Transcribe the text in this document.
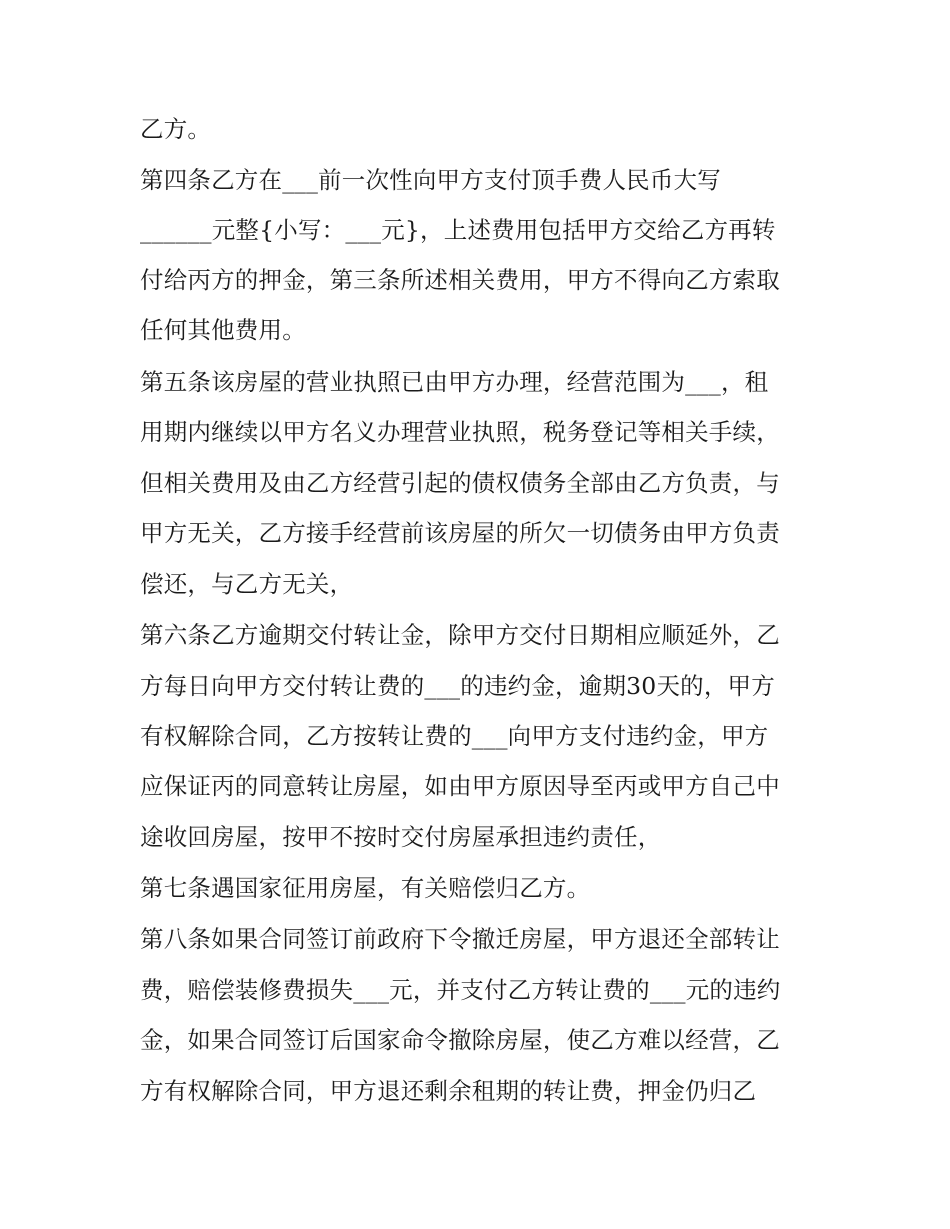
乙方。

第四条乙方在___前一次性向甲方支付顶手费人民币大写

______元整{小写：___元}，上述费用包括甲方交给乙方再转

付给丙方的押金，第三条所述相关费用，甲方不得向乙方索取

任何其他费用。

第五条该房屋的营业执照已由甲方办理，经营范围为___，租

用期内继续以甲方名义办理营业执照，税务登记等相关手续，

但相关费用及由乙方经营引起的债权债务全部由乙方负责，与

甲方无关，乙方接手经营前该房屋的所欠一切债务由甲方负责

偿还，与乙方无关，

第六条乙方逾期交付转让金，除甲方交付日期相应顺延外，乙

方每日向甲方交付转让费的___的违约金，逾期30天的，甲方

有权解除合同，乙方按转让费的___向甲方支付违约金，甲方

应保证丙的同意转让房屋，如由甲方原因导至丙或甲方自己中

途收回房屋，按甲不按时交付房屋承担违约责任，

第七条遇国家征用房屋，有关赔偿归乙方。

第八条如果合同签订前政府下令撤迁房屋，甲方退还全部转让

费，赔偿装修费损失___元，并支付乙方转让费的___元的违约

金，如果合同签订后国家命令撤除房屋，使乙方难以经营，乙

方有权解除合同，甲方退还剩余租期的转让费，押金仍归乙
